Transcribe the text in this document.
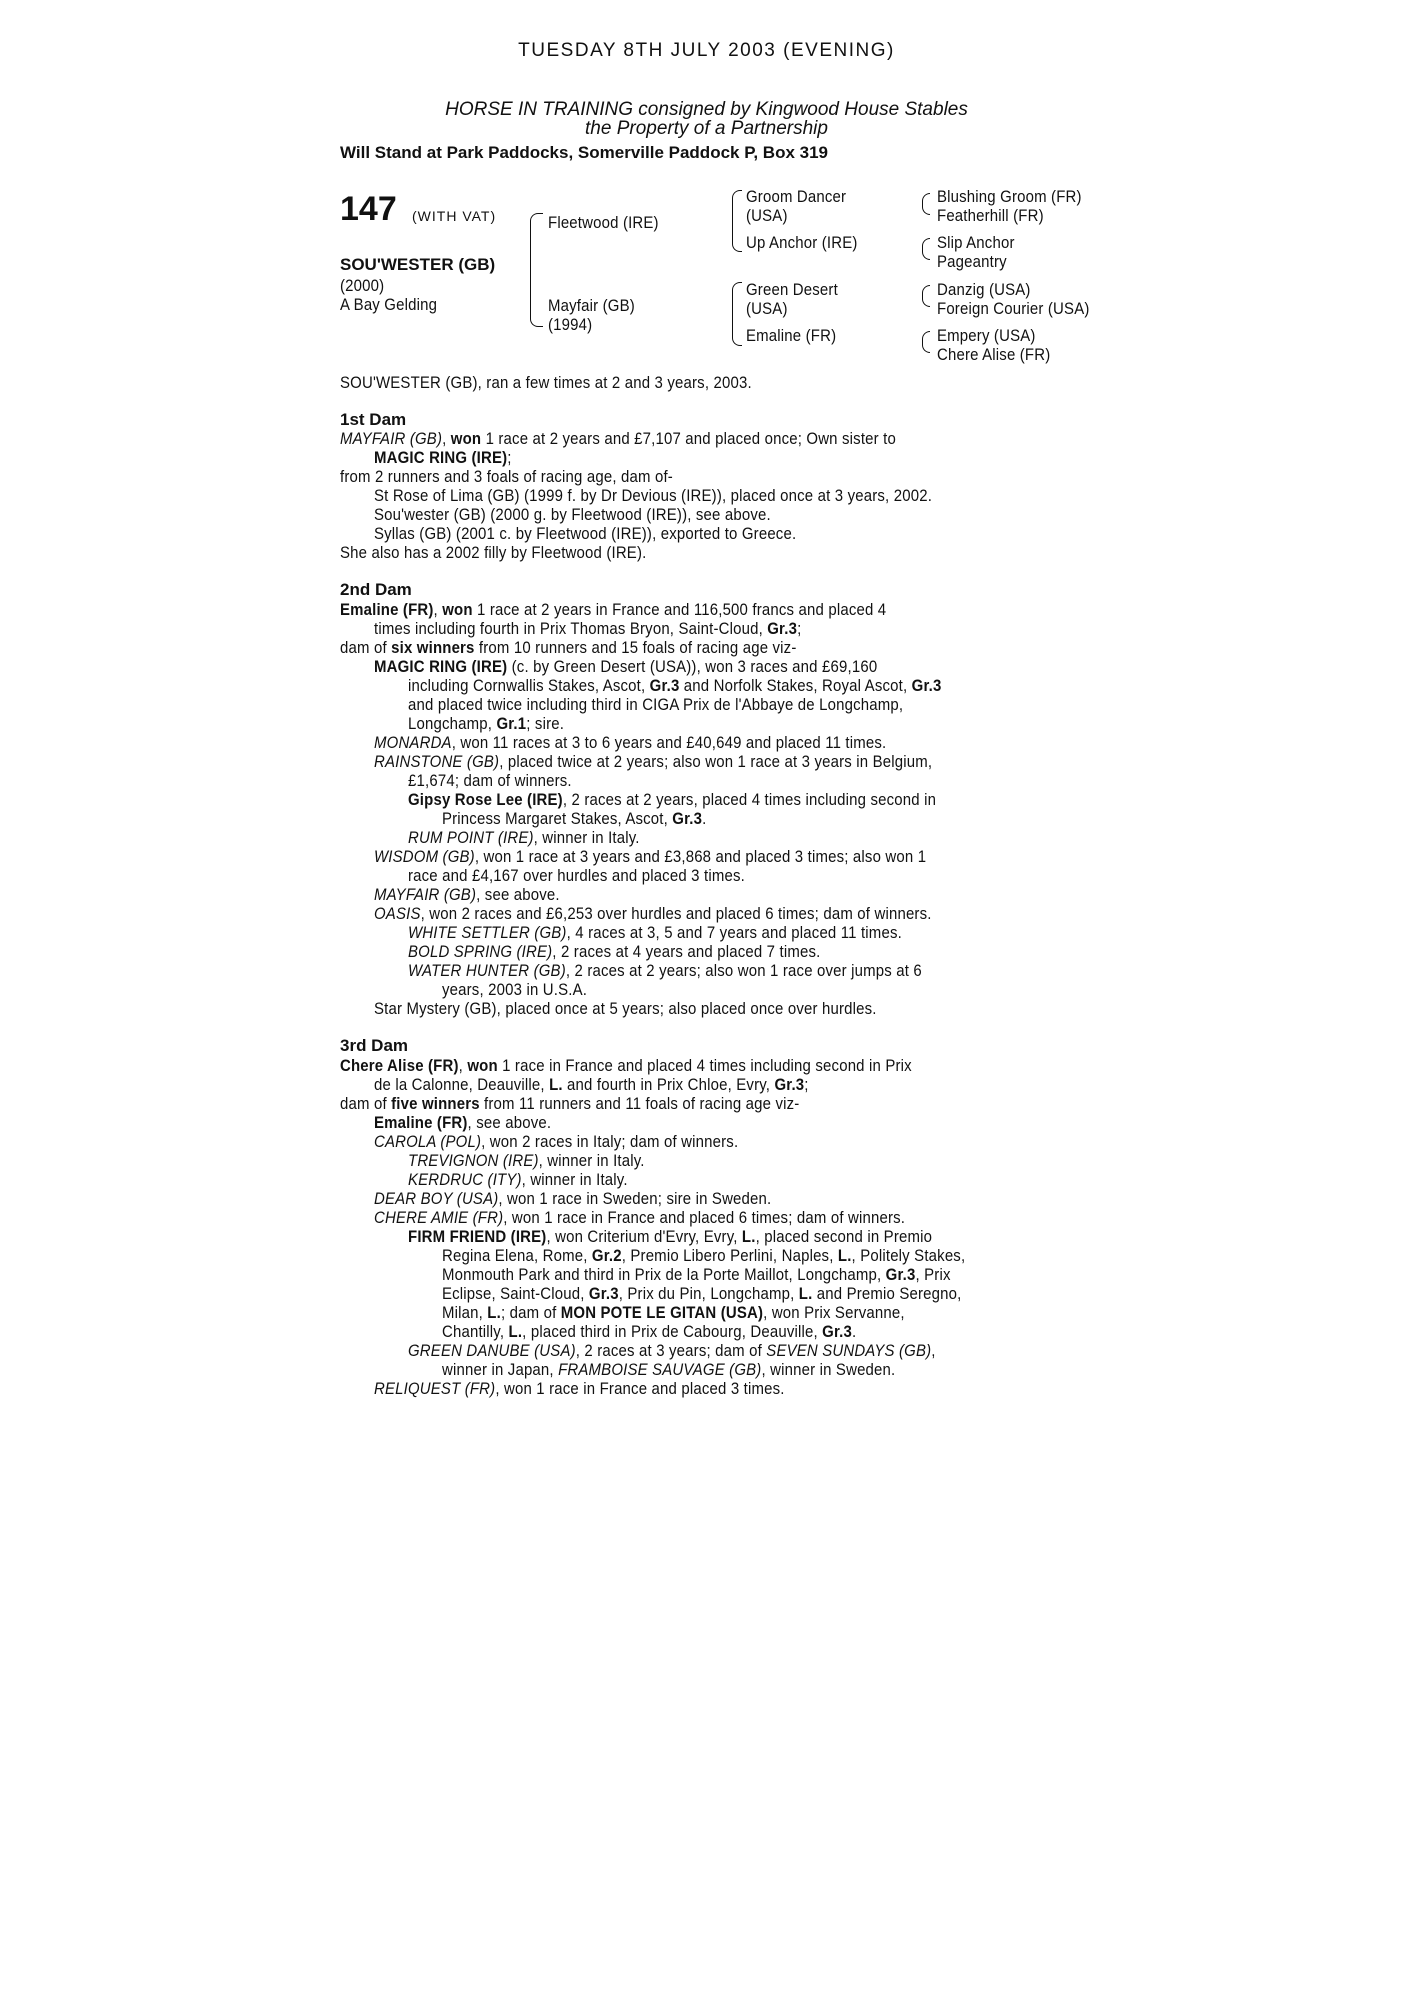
TUESDAY 8TH JULY 2003 (EVENING)
HORSE IN TRAINING consigned by Kingwood House Stables
the Property of a Partnership
Will Stand at Park Paddocks, Somerville Paddock P, Box 319
147 (WITH VAT)
SOU'WESTER (GB)
(2000)
A Bay Gelding
Fleetwood (IRE)
Mayfair (GB)
(1994)
Groom Dancer
(USA)
Up Anchor (IRE)
Green Desert
(USA)
Emaline (FR)
Blushing Groom (FR)
Featherhill (FR)
Slip Anchor
Pageantry
Danzig (USA)
Foreign Courier (USA)
Empery (USA)
Chere Alise (FR)
SOU'WESTER (GB), ran a few times at 2 and 3 years, 2003.
1st Dam
MAYFAIR (GB), won 1 race at 2 years and £7,107 and placed once; Own sister to
MAGIC RING (IRE);
from 2 runners and 3 foals of racing age, dam of-
St Rose of Lima (GB) (1999 f. by Dr Devious (IRE)), placed once at 3 years, 2002.
Sou'wester (GB) (2000 g. by Fleetwood (IRE)), see above.
Syllas (GB) (2001 c. by Fleetwood (IRE)), exported to Greece.
She also has a 2002 filly by Fleetwood (IRE).
2nd Dam
Emaline (FR), won 1 race at 2 years in France and 116,500 francs and placed 4
times including fourth in Prix Thomas Bryon, Saint-Cloud, Gr.3;
dam of six winners from 10 runners and 15 foals of racing age viz-
MAGIC RING (IRE) (c. by Green Desert (USA)), won 3 races and £69,160
including Cornwallis Stakes, Ascot, Gr.3 and Norfolk Stakes, Royal Ascot, Gr.3
and placed twice including third in CIGA Prix de l'Abbaye de Longchamp,
Longchamp, Gr.1; sire.
MONARDA, won 11 races at 3 to 6 years and £40,649 and placed 11 times.
RAINSTONE (GB), placed twice at 2 years; also won 1 race at 3 years in Belgium,
£1,674; dam of winners.
Gipsy Rose Lee (IRE), 2 races at 2 years, placed 4 times including second in
Princess Margaret Stakes, Ascot, Gr.3.
RUM POINT (IRE), winner in Italy.
WISDOM (GB), won 1 race at 3 years and £3,868 and placed 3 times; also won 1
race and £4,167 over hurdles and placed 3 times.
MAYFAIR (GB), see above.
OASIS, won 2 races and £6,253 over hurdles and placed 6 times; dam of winners.
WHITE SETTLER (GB), 4 races at 3, 5 and 7 years and placed 11 times.
BOLD SPRING (IRE), 2 races at 4 years and placed 7 times.
WATER HUNTER (GB), 2 races at 2 years; also won 1 race over jumps at 6
years, 2003 in U.S.A.
Star Mystery (GB), placed once at 5 years; also placed once over hurdles.
3rd Dam
Chere Alise (FR), won 1 race in France and placed 4 times including second in Prix
de la Calonne, Deauville, L. and fourth in Prix Chloe, Evry, Gr.3;
dam of five winners from 11 runners and 11 foals of racing age viz-
Emaline (FR), see above.
CAROLA (POL), won 2 races in Italy; dam of winners.
TREVIGNON (IRE), winner in Italy.
KERDRUC (ITY), winner in Italy.
DEAR BOY (USA), won 1 race in Sweden; sire in Sweden.
CHERE AMIE (FR), won 1 race in France and placed 6 times; dam of winners.
FIRM FRIEND (IRE), won Criterium d'Evry, Evry, L., placed second in Premio
Regina Elena, Rome, Gr.2, Premio Libero Perlini, Naples, L., Politely Stakes,
Monmouth Park and third in Prix de la Porte Maillot, Longchamp, Gr.3, Prix
Eclipse, Saint-Cloud, Gr.3, Prix du Pin, Longchamp, L. and Premio Seregno,
Milan, L.; dam of MON POTE LE GITAN (USA), won Prix Servanne,
Chantilly, L., placed third in Prix de Cabourg, Deauville, Gr.3.
GREEN DANUBE (USA), 2 races at 3 years; dam of SEVEN SUNDAYS (GB),
winner in Japan, FRAMBOISE SAUVAGE (GB), winner in Sweden.
RELIQUEST (FR), won 1 race in France and placed 3 times.
